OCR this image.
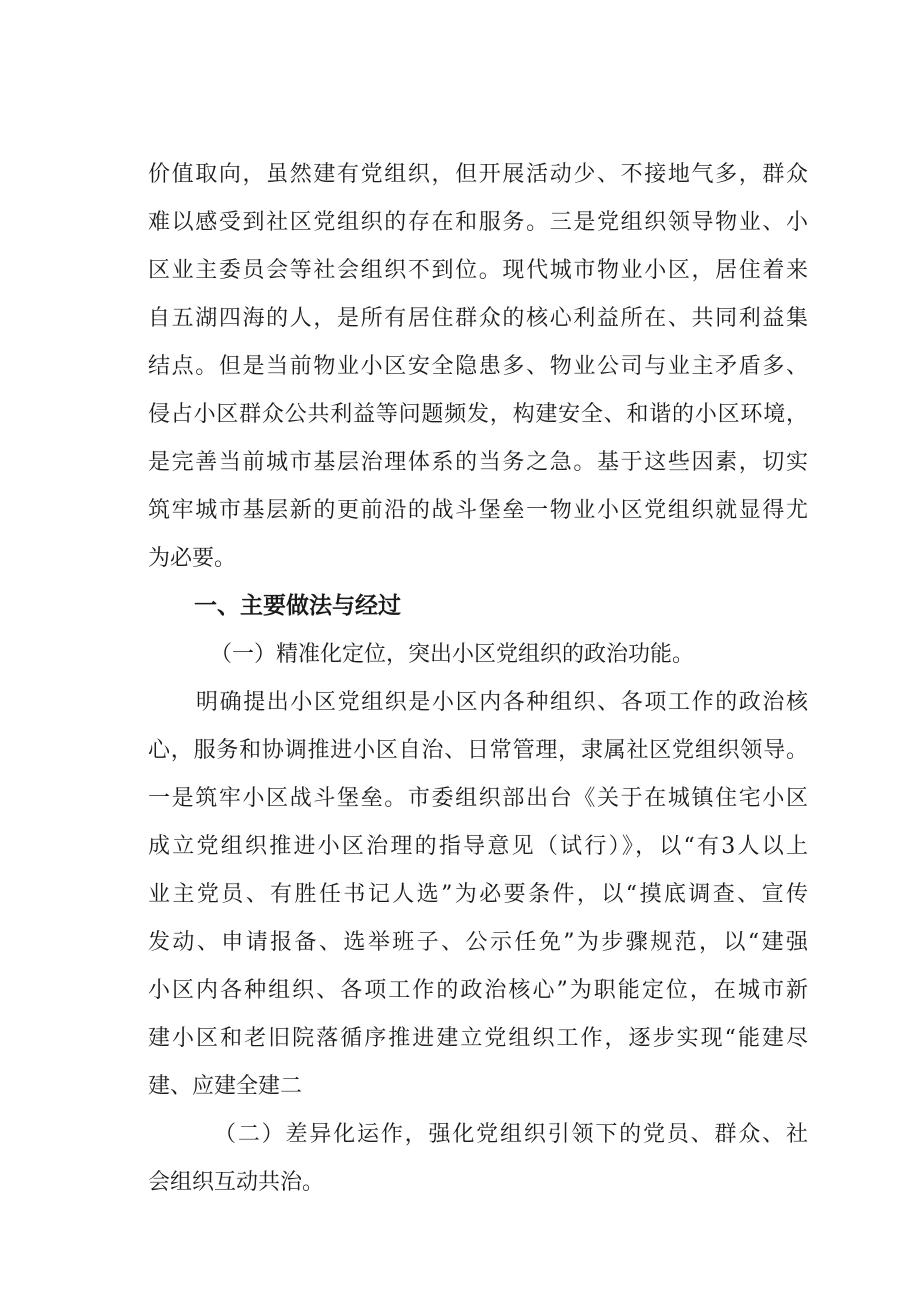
价值取向，虽然建有党组织，但开展活动少、不接地气多，群众
难以感受到社区党组织的存在和服务。三是党组织领导物业、小
区业主委员会等社会组织不到位。现代城市物业小区，居住着来
自五湖四海的人，是所有居住群众的核心利益所在、共同利益集
结点。但是当前物业小区安全隐患多、物业公司与业主矛盾多、
侵占小区群众公共利益等问题频发，构建安全、和谐的小区环境，
是完善当前城市基层治理体系的当务之急。基于这些因素，切实
筑牢城市基层新的更前沿的战斗堡垒一物业小区党组织就显得尤
为必要。
一、主要做法与经过
（一）精准化定位，突出小区党组织的政治功能。
明确提出小区党组织是小区内各种组织、各项工作的政治核
心，服务和协调推进小区自治、日常管理，隶属社区党组织领导。
一是筑牢小区战斗堡垒。市委组织部出台《关于在城镇住宅小区
成立党组织推进小区治理的指导意见（试行）》，以“有3人以上
业主党员、有胜任书记人选”为必要条件，以“摸底调查、宣传
发动、申请报备、选举班子、公示任免”为步骤规范，以“建强
小区内各种组织、各项工作的政治核心”为职能定位，在城市新
建小区和老旧院落循序推进建立党组织工作，逐步实现“能建尽
建、应建全建二
（二）差异化运作，强化党组织引领下的党员、群众、社
会组织互动共治。
